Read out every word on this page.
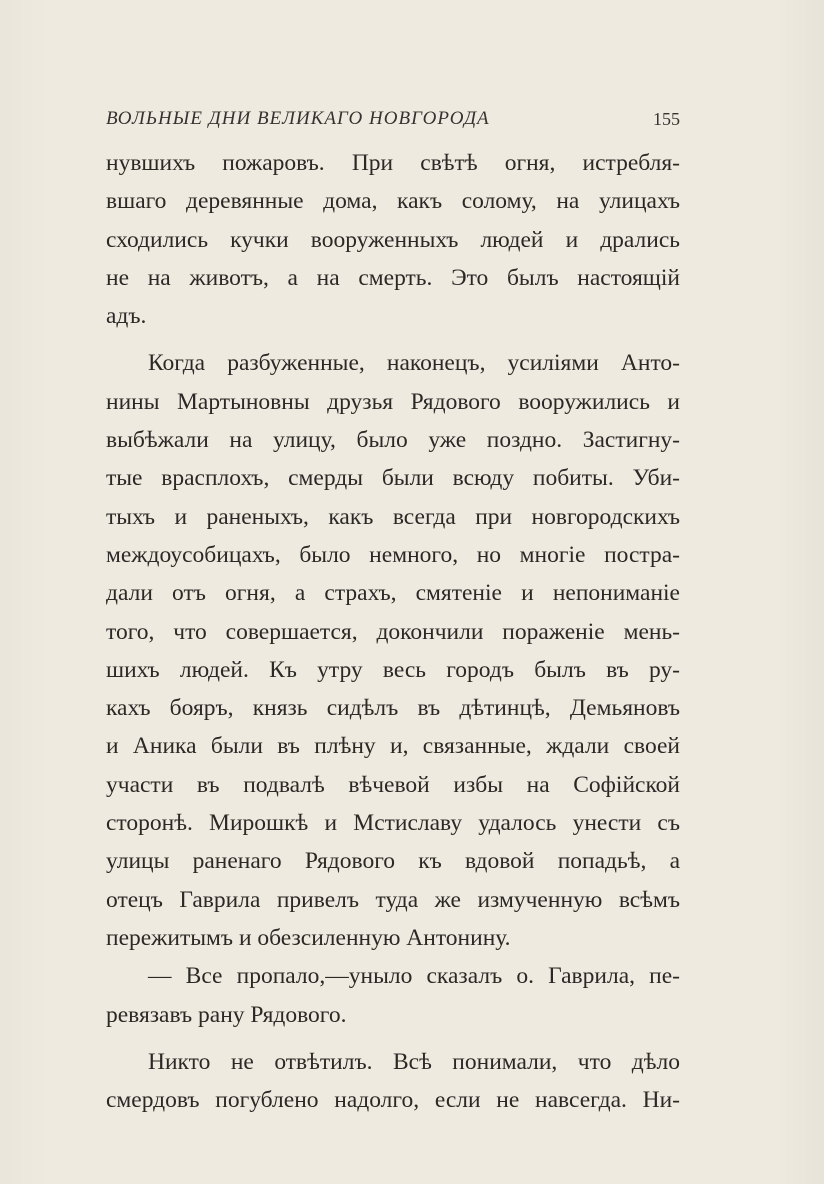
ВОЛЬНЫЕ ДНИ ВЕЛИКАГО НОВГОРОДА	155
нувшихъ пожаровъ. При свѣтѣ огня, истребля-
вшаго деревянные дома, какъ солому, на улицахъ
сходились кучки вооруженныхъ людей и дрались
не на животъ, а на смерть. Это былъ настоящій
адъ.
Когда разбуженные, наконецъ, усиліями Анто-
нины Мартыновны друзья Рядового вооружились и
выбѣжали на улицу, было уже поздно. Застигну-
тые врасплохъ, смерды были всюду побиты. Уби-
тыхъ и раненыхъ, какъ всегда при новгородскихъ
междоусобицахъ, было немного, но многіе постра-
дали отъ огня, а страхъ, смятеніе и непониманіе
того, что совершается, докончили пораженіе мень-
шихъ людей. Къ утру весь городъ былъ въ ру-
кахъ бояръ, князь сидѣлъ въ дѣтинцѣ, Демьяновъ
и Аника были въ плѣну и, связанные, ждали своей
участи въ подвалѣ вѣчевой избы на Софійской
сторонѣ. Мирошкѣ и Мстиславу удалось унести съ
улицы раненаго Рядового къ вдовой попадьѣ, а
отецъ Гаврила привелъ туда же измученную всѣмъ
пережитымъ и обезсиленную Антонину.
— Все пропало,—уныло сказалъ о. Гаврила, пе-
ревязавъ рану Рядового.
Никто не отвѣтилъ. Всѣ понимали, что дѣло
смердовъ погублено надолго, если не навсегда. Ни-
